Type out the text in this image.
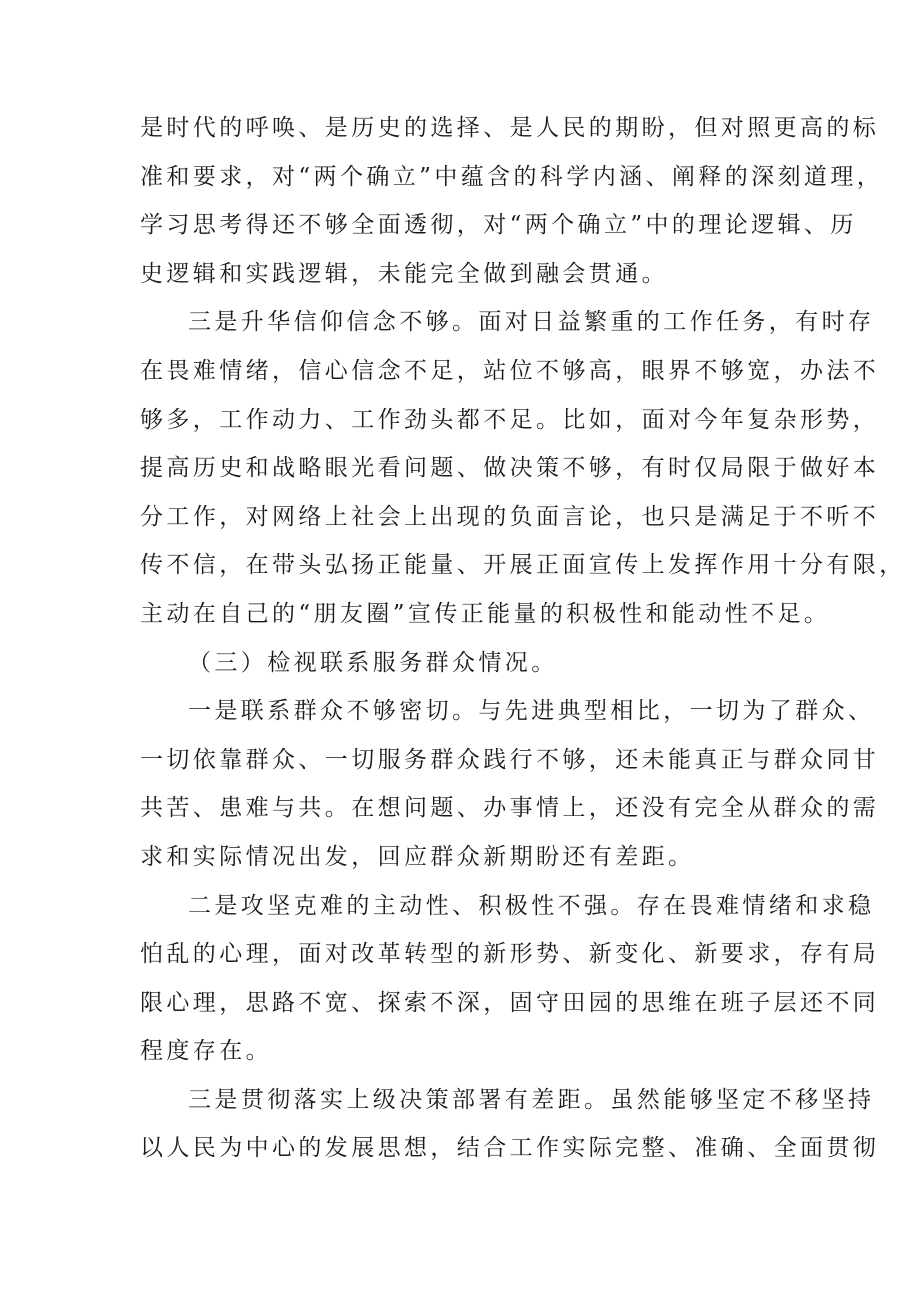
是时代的呼唤、是历史的选择、是人民的期盼，但对照更高的标
准和要求，对“两个确立”中蕴含的科学内涵、阐释的深刻道理，
学习思考得还不够全面透彻，对“两个确立”中的理论逻辑、历
史逻辑和实践逻辑，未能完全做到融会贯通。
三是升华信仰信念不够。面对日益繁重的工作任务，有时存
在畏难情绪，信心信念不足，站位不够高，眼界不够宽，办法不
够多，工作动力、工作劲头都不足。比如，面对今年复杂形势，
提高历史和战略眼光看问题、做决策不够，有时仅局限于做好本
分工作，对网络上社会上出现的负面言论，也只是满足于不听不
传不信，在带头弘扬正能量、开展正面宣传上发挥作用十分有限，
主动在自己的“朋友圈”宣传正能量的积极性和能动性不足。
（三）检视联系服务群众情况。
一是联系群众不够密切。与先进典型相比，一切为了群众、
一切依靠群众、一切服务群众践行不够，还未能真正与群众同甘
共苦、患难与共。在想问题、办事情上，还没有完全从群众的需
求和实际情况出发，回应群众新期盼还有差距。
二是攻坚克难的主动性、积极性不强。存在畏难情绪和求稳
怕乱的心理，面对改革转型的新形势、新变化、新要求，存有局
限心理，思路不宽、探索不深，固守田园的思维在班子层还不同
程度存在。
三是贯彻落实上级决策部署有差距。虽然能够坚定不移坚持
以人民为中心的发展思想，结合工作实际完整、准确、全面贯彻
